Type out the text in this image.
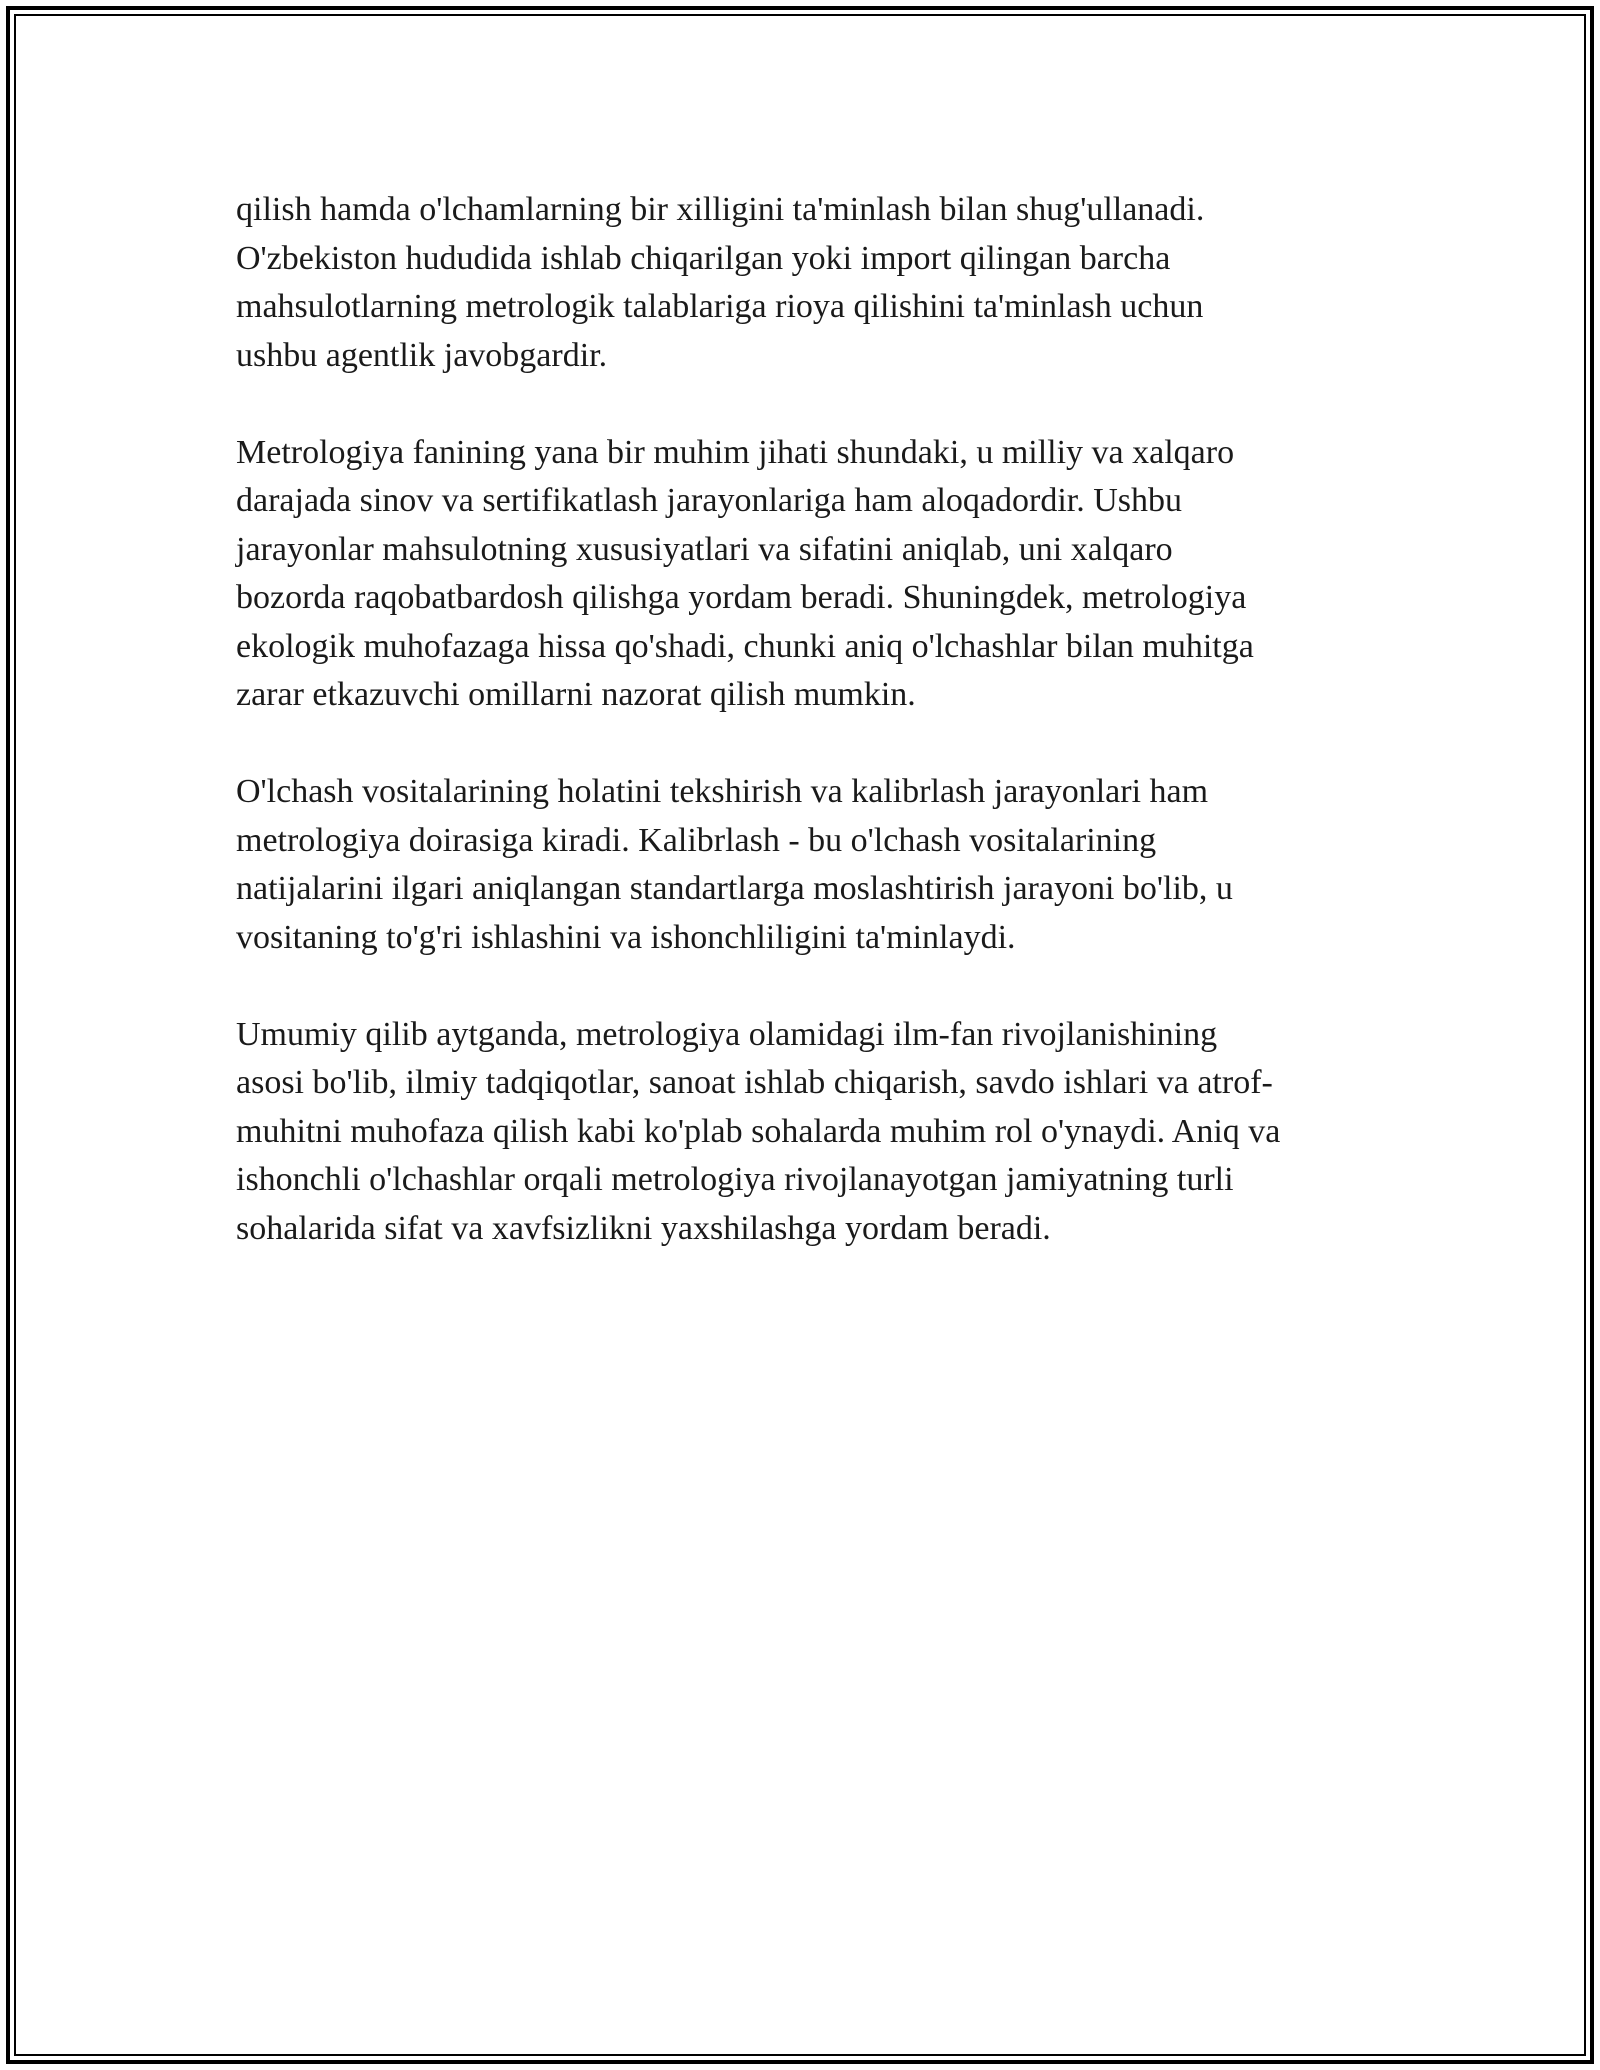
qilish hamda o'lchamlarning bir xilligini ta'minlash bilan shug'ullanadi.
O'zbekiston hududida ishlab chiqarilgan yoki import qilingan barcha
mahsulotlarning metrologik talablariga rioya qilishini ta'minlash uchun
ushbu agentlik javobgardir.

Metrologiya fanining yana bir muhim jihati shundaki, u milliy va xalqaro
darajada sinov va sertifikatlash jarayonlariga ham aloqadordir. Ushbu
jarayonlar mahsulotning xususiyatlari va sifatini aniqlab, uni xalqaro
bozorda raqobatbardosh qilishga yordam beradi. Shuningdek, metrologiya
ekologik muhofazaga hissa qo'shadi, chunki aniq o'lchashlar bilan muhitga
zarar etkazuvchi omillarni nazorat qilish mumkin.

O'lchash vositalarining holatini tekshirish va kalibrlash jarayonlari ham
metrologiya doirasiga kiradi. Kalibrlash - bu o'lchash vositalarining
natijalarini ilgari aniqlangan standartlarga moslashtirish jarayoni bo'lib, u
vositaning to'g'ri ishlashini va ishonchliligini ta'minlaydi.

Umumiy qilib aytganda, metrologiya olamidagi ilm-fan rivojlanishining
asosi bo'lib, ilmiy tadqiqotlar, sanoat ishlab chiqarish, savdo ishlari va atrof-
muhitni muhofaza qilish kabi ko'plab sohalarda muhim rol o'ynaydi. Aniq va
ishonchli o'lchashlar orqali metrologiya rivojlanayotgan jamiyatning turli
sohalarida sifat va xavfsizlikni yaxshilashga yordam beradi.
